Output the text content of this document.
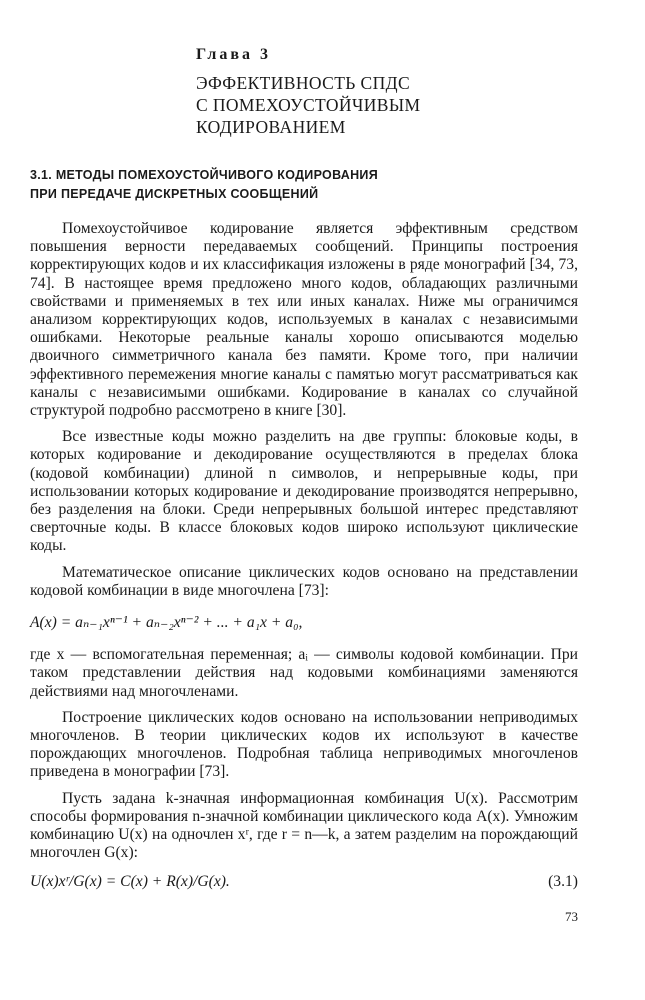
Глава 3
ЭФФЕКТИВНОСТЬ СПДС
С ПОМЕХОУСТОЙЧИВЫМ
КОДИРОВАНИЕМ
3.1. МЕТОДЫ ПОМЕХОУСТОЙЧИВОГО КОДИРОВАНИЯ
ПРИ ПЕРЕДАЧЕ ДИСКРЕТНЫХ СООБЩЕНИЙ

Помехоустойчивое кодирование является эффективным средством повышения верности передаваемых сообщений. Принципы построения корректирующих кодов и их классификация изложены в ряде монографий [34, 73, 74]. В настоящее время предложено много кодов, обладающих различными свойствами и применяемых в тех или иных каналах. Ниже мы ограничимся анализом корректирующих кодов, используемых в каналах с независимыми ошибками. Некоторые реальные каналы хорошо описываются моделью двоичного симметричного канала без памяти. Кроме того, при наличии эффективного перемежения многие каналы с памятью могут рассматриваться как каналы с независимыми ошибками. Кодирование в каналах со случайной структурой подробно рассмотрено в книге [30].

Все известные коды можно разделить на две группы: блоковые коды, в которых кодирование и декодирование осуществляются в пределах блока (кодовой комбинации) длиной n символов, и непрерывные коды, при использовании которых кодирование и декодирование производятся непрерывно, без разделения на блоки. Среди непрерывных большой интерес представляют сверточные коды. В классе блоковых кодов широко используют циклические коды.

Математическое описание циклических кодов основано на представлении кодовой комбинации в виде многочлена [73]:

A(x) = aₙ₋₁xⁿ⁻¹ + aₙ₋₂xⁿ⁻² + ... + a₁x + a₀,

где x — вспомогательная переменная; aᵢ — символы кодовой комбинации. При таком представлении действия над кодовыми комбинациями заменяются действиями над многочленами.

Построение циклических кодов основано на использовании неприводимых многочленов. В теории циклических кодов их используют в качестве порождающих многочленов. Подробная таблица неприводимых многочленов приведена в монографии [73].

Пусть задана k-значная информационная комбинация U(x). Рассмотрим способы формирования n-значной комбинации циклического кода A(x). Умножим комбинацию U(x) на одночлен xʳ, где r = n—k, а затем разделим на порождающий многочлен G(x):

U(x)xʳ/G(x) = C(x) + R(x)/G(x).	(3.1)
73
